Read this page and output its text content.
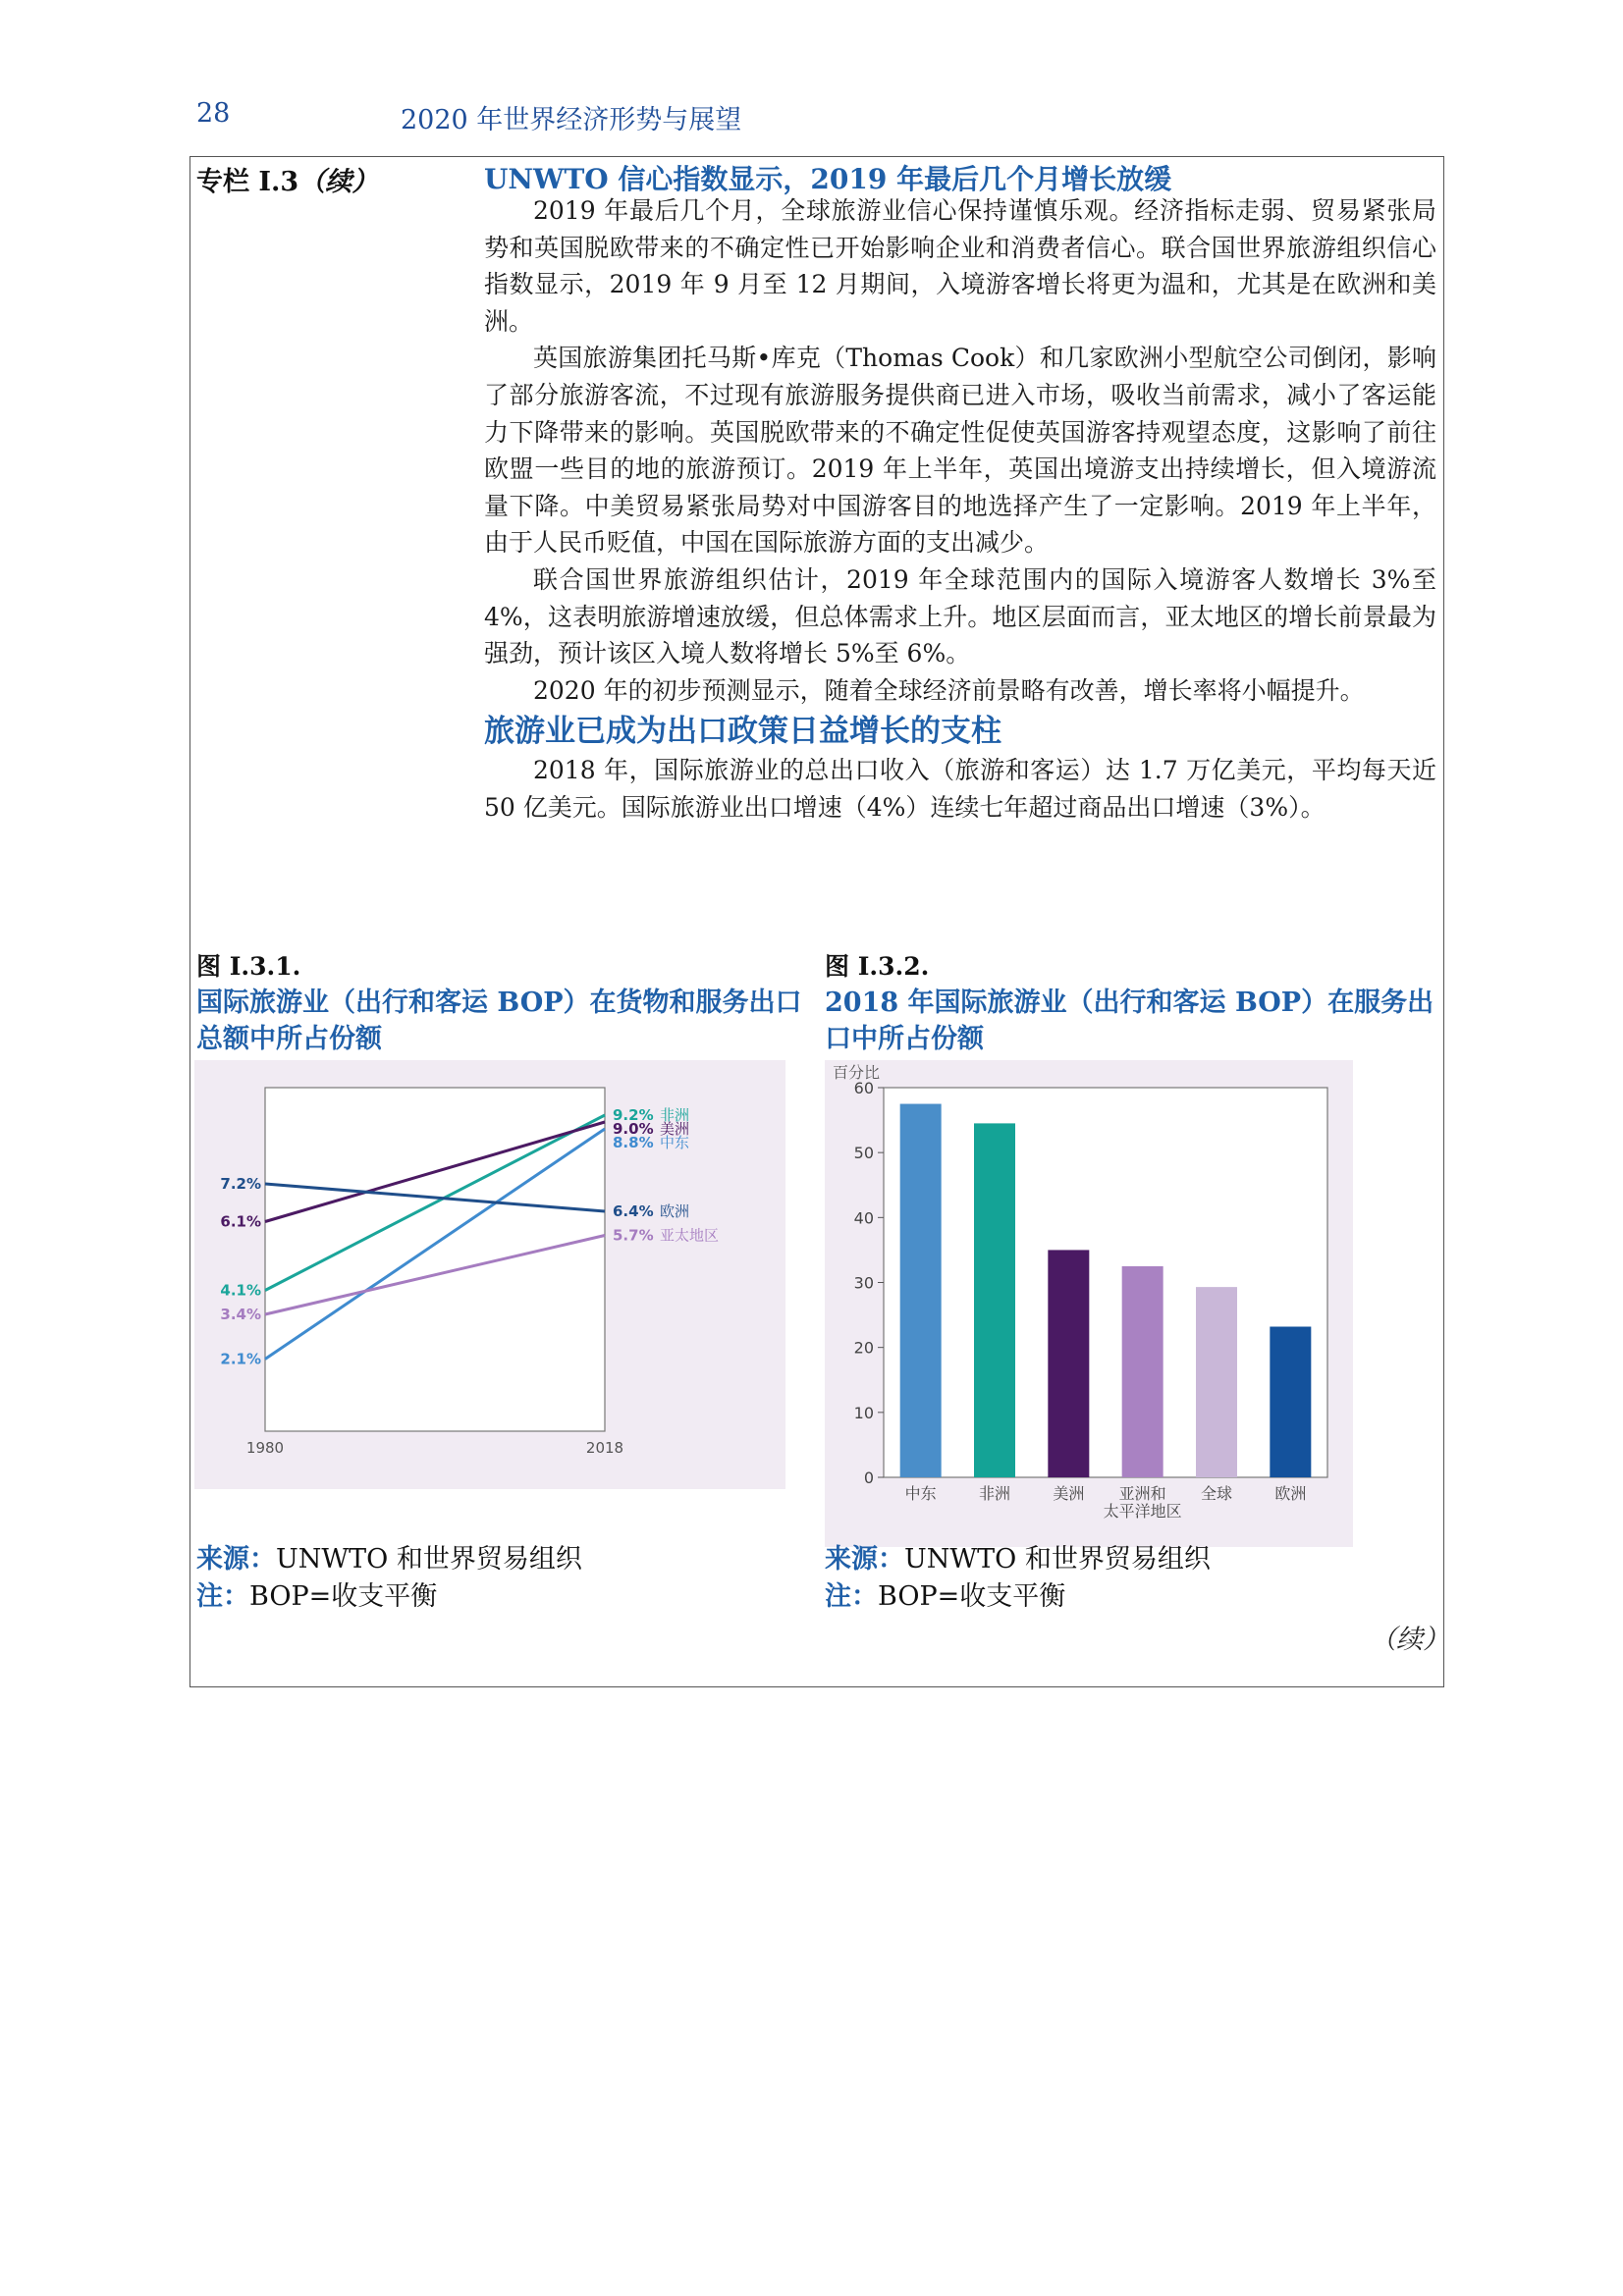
28	2020 年世界经济形势与展望
专栏 I.3（续）	UNWTO 信心指数显示，2019 年最后几个月增长放缓

2019 年最后几个月，全球旅游业信心保持谨慎乐观。经济指标走弱、贸易紧张局势和英国脱欧带来的不确定性已开始影响企业和消费者信心。联合国世界旅游组织信心指数显示，2019 年 9 月至 12 月期间，入境游客增长将更为温和，尤其是在欧洲和美洲。

英国旅游集团托马斯•库克（Thomas Cook）和几家欧洲小型航空公司倒闭，影响了部分旅游客流，不过现有旅游服务提供商已进入市场，吸收当前需求，减小了客运能力下降带来的影响。英国脱欧带来的不确定性促使英国游客持观望态度，这影响了前往欧盟一些目的地的旅游预订。2019 年上半年，英国出境游支出持续增长，但入境游流量下降。中美贸易紧张局势对中国游客目的地选择产生了一定影响。2019 年上半年，由于人民币贬值，中国在国际旅游方面的支出减少。

联合国世界旅游组织估计，2019 年全球范围内的国际入境游客人数增长 3%至 4%，这表明旅游增速放缓，但总体需求上升。地区层面而言，亚太地区的增长前景最为强劲，预计该区入境人数将增长 5%至 6%。

2020 年的初步预测显示，随着全球经济前景略有改善，增长率将小幅提升。

旅游业已成为出口政策日益增长的支柱

2018 年，国际旅游业的总出口收入（旅游和客运）达 1.7 万亿美元，平均每天近 50 亿美元。国际旅游业出口增速（4%）连续七年超过商品出口增速（3%）。

图 I.3.1.
国际旅游业（出行和客运 BOP）在货物和服务出口总额中所占份额
1980	2018
7.2%
6.1%
4.1%
3.4%
2.1%
9.2% 非洲
9.0% 美洲
8.8% 中东
6.4% 欧洲
5.7% 亚太地区
来源：UNWTO 和世界贸易组织
注：BOP=收支平衡
图 I.3.2.
2018 年国际旅游业（出行和客运 BOP）在服务出口中所占份额
百分比
0
10
20
30
40
50
60
中东	非洲	美洲 亚洲和
太平洋地区
全球	欧洲
来源：UNWTO 和世界贸易组织
注：BOP=收支平衡
（续）
